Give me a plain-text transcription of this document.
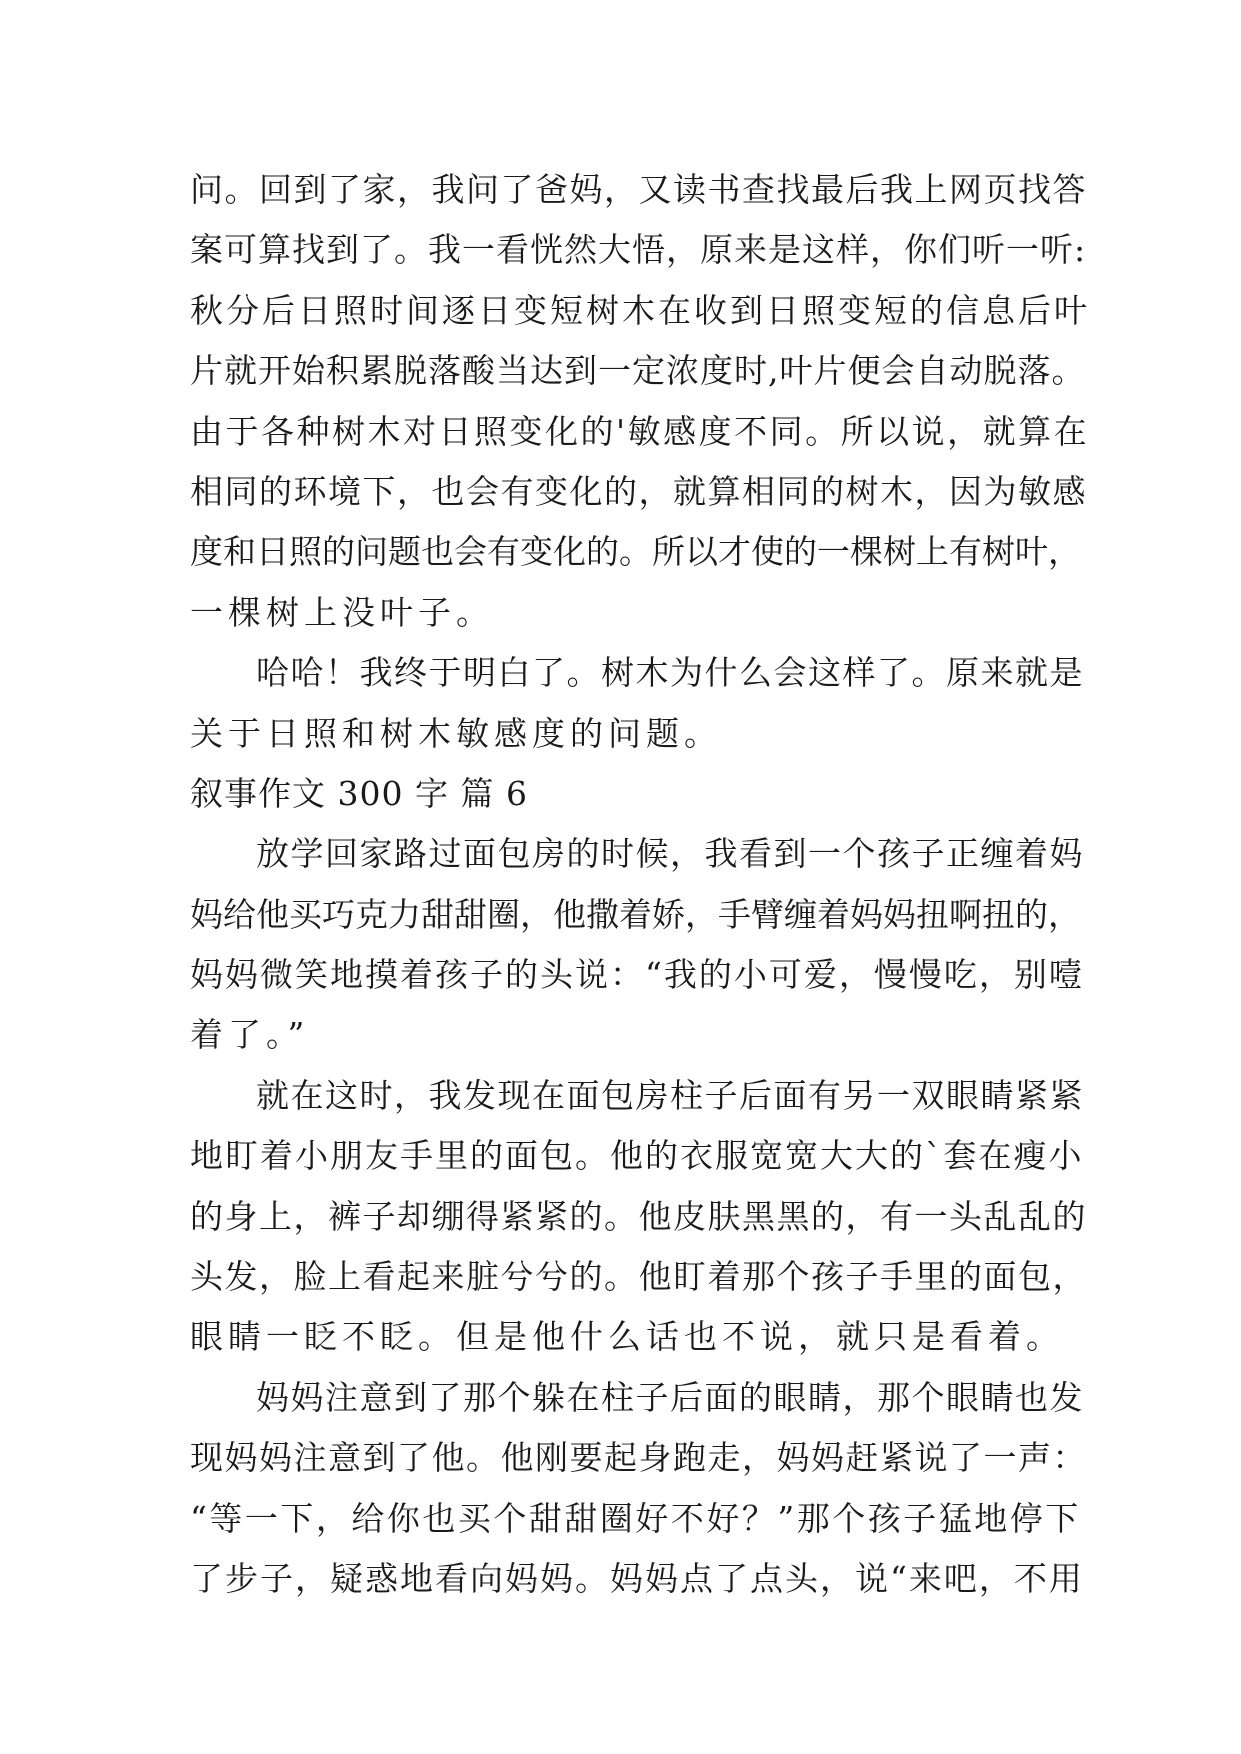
问。回到了家，我问了爸妈，又读书查找最后我上网页找答
案可算找到了。我一看恍然大悟，原来是这样，你们听一听:
秋分后日照时间逐日变短树木在收到日照变短的信息后叶
片就开始积累脱落酸当达到一定浓度时,叶片便会自动脱落。
由于各种树木对日照变化的'敏感度不同。所以说，就算在
相同的环境下，也会有变化的，就算相同的树木，因为敏感
度和日照的问题也会有变化的。所以才使的一棵树上有树叶，
一棵树上没叶子。
哈哈！我终于明白了。树木为什么会这样了。原来就是
关于日照和树木敏感度的问题。
叙事作文 300 字 篇 6
放学回家路过面包房的时候，我看到一个孩子正缠着妈
妈给他买巧克力甜甜圈，他撒着娇，手臂缠着妈妈扭啊扭的，
妈妈微笑地摸着孩子的头说：“我的小可爱，慢慢吃，别噎
着了。”
就在这时，我发现在面包房柱子后面有另一双眼睛紧紧
地盯着小朋友手里的面包。他的衣服宽宽大大的`套在瘦小
的身上，裤子却绷得紧紧的。他皮肤黑黑的，有一头乱乱的
头发，脸上看起来脏兮兮的。他盯着那个孩子手里的面包，
眼睛一眨不眨。但是他什么话也不说，就只是看着。
妈妈注意到了那个躲在柱子后面的眼睛，那个眼睛也发
现妈妈注意到了他。他刚要起身跑走，妈妈赶紧说了一声：
“等一下，给你也买个甜甜圈好不好？”那个孩子猛地停下
了步子，疑惑地看向妈妈。妈妈点了点头，说“来吧，不用
